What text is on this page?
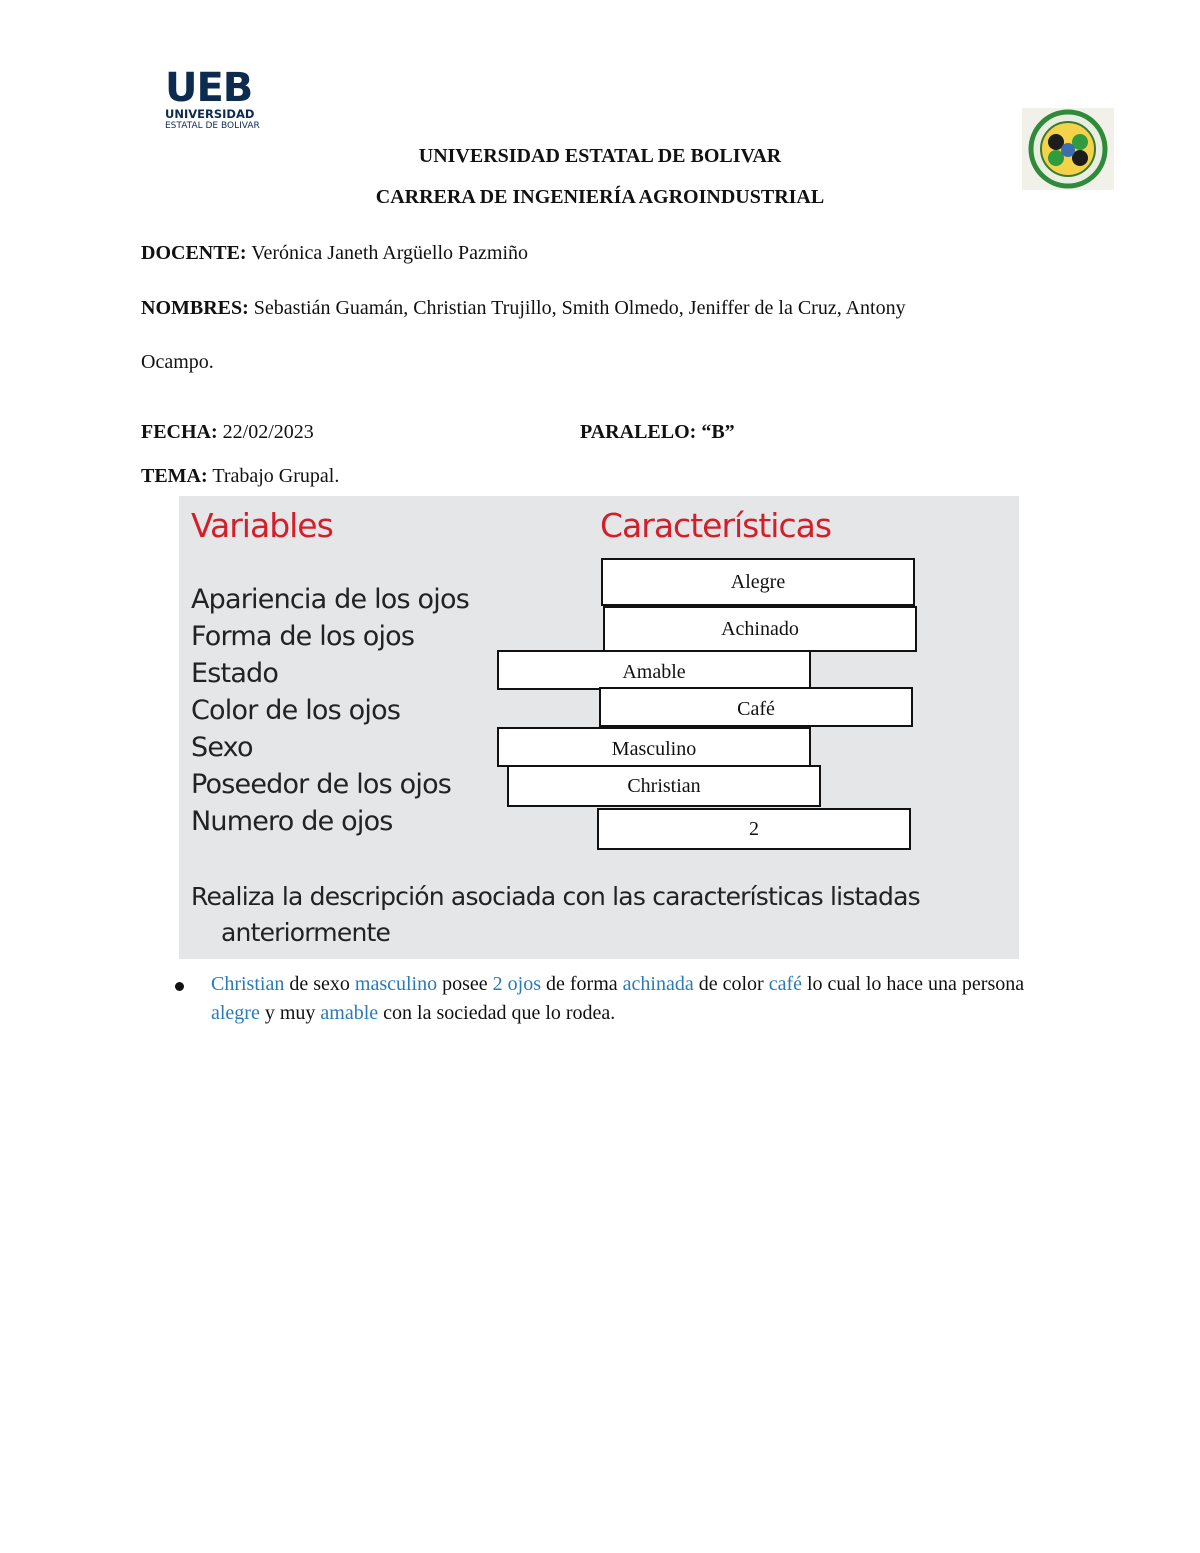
UEB
UNIVERSIDAD
ESTATAL DE BOLIVAR
UNIVERSIDAD ESTATAL DE BOLIVAR
CARRERA DE INGENIERÍA AGROINDUSTRIAL
DOCENTE: Verónica Janeth Argüello Pazmiño
NOMBRES: Sebastián Guamán, Christian Trujillo, Smith Olmedo, Jeniffer de la Cruz, Antony
Ocampo.
FECHA: 22/02/2023	PARALELO: “B”
TEMA: Trabajo Grupal.
Variables	Características
Apariencia de los ojos
Forma de los ojos
Estado
Color de los ojos
Sexo
Poseedor de los ojos
Numero de ojos
Alegre
Achinado
Amable
Café
Masculino
Christian
2
Realiza la descripción asociada con las características listadas
anteriormente
Christian de sexo masculino posee 2 ojos de forma achinada de color café lo cual lo hace una persona alegre y muy amable con la sociedad que lo rodea.
